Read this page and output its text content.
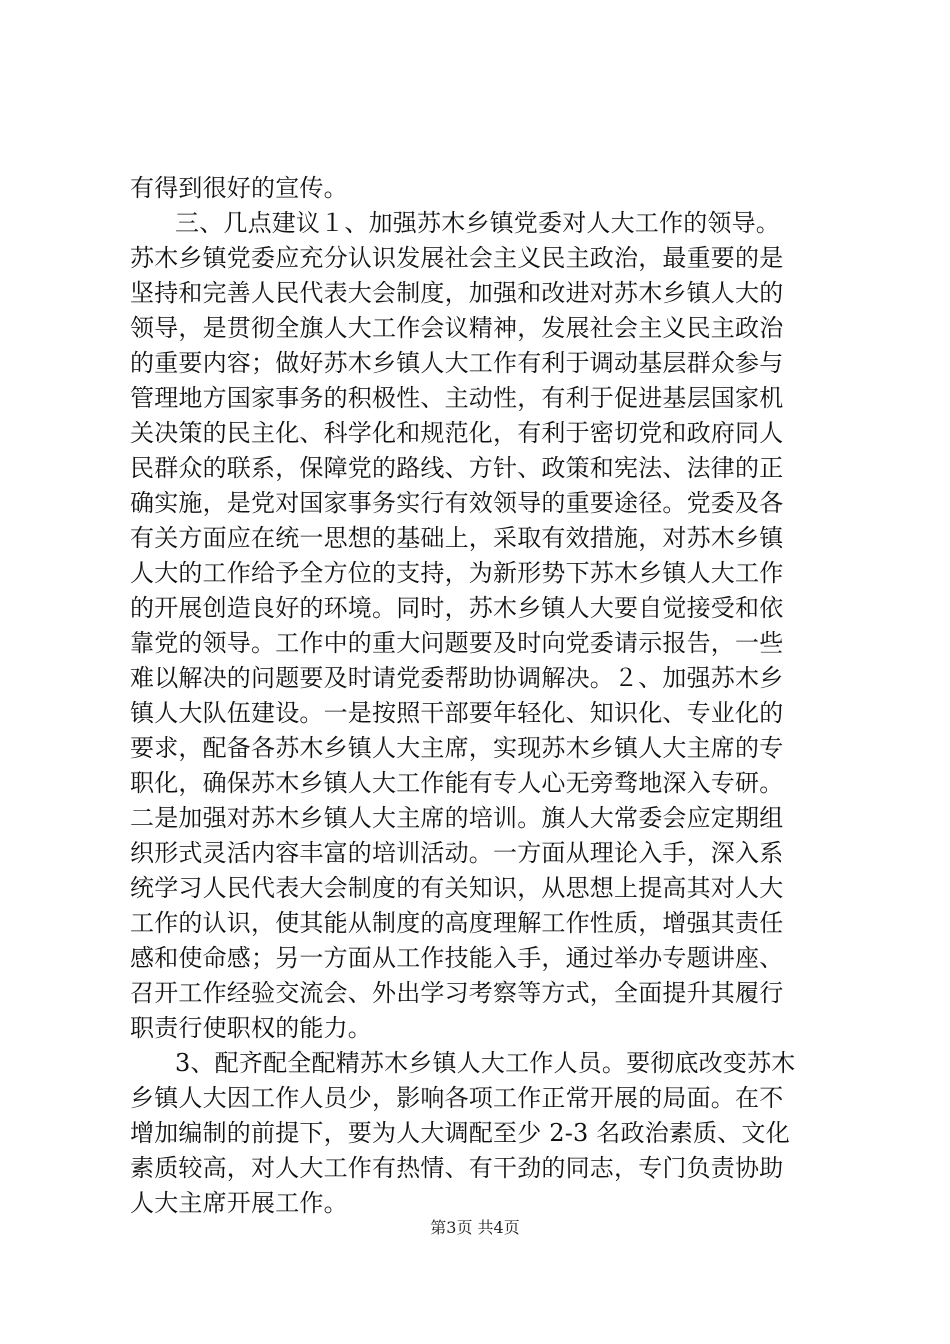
有得到很好的宣传。
三、几点建议１、加强苏木乡镇党委对人大工作的领导。
苏木乡镇党委应充分认识发展社会主义民主政治，最重要的是
坚持和完善人民代表大会制度，加强和改进对苏木乡镇人大的
领导，是贯彻全旗人大工作会议精神，发展社会主义民主政治
的重要内容；做好苏木乡镇人大工作有利于调动基层群众参与
管理地方国家事务的积极性、主动性，有利于促进基层国家机
关决策的民主化、科学化和规范化，有利于密切党和政府同人
民群众的联系，保障党的路线、方针、政策和宪法、法律的正
确实施，是党对国家事务实行有效领导的重要途径。党委及各
有关方面应在统一思想的基础上，采取有效措施，对苏木乡镇
人大的工作给予全方位的支持，为新形势下苏木乡镇人大工作
的开展创造良好的环境。同时，苏木乡镇人大要自觉接受和依
靠党的领导。工作中的重大问题要及时向党委请示报告，一些
难以解决的问题要及时请党委帮助协调解决。２、加强苏木乡
镇人大队伍建设。一是按照干部要年轻化、知识化、专业化的
要求，配备各苏木乡镇人大主席，实现苏木乡镇人大主席的专
职化，确保苏木乡镇人大工作能有专人心无旁骛地深入专研。
二是加强对苏木乡镇人大主席的培训。旗人大常委会应定期组
织形式灵活内容丰富的培训活动。一方面从理论入手，深入系
统学习人民代表大会制度的有关知识，从思想上提高其对人大
工作的认识，使其能从制度的高度理解工作性质，增强其责任
感和使命感；另一方面从工作技能入手，通过举办专题讲座、
召开工作经验交流会、外出学习考察等方式，全面提升其履行
职责行使职权的能力。
3、配齐配全配精苏木乡镇人大工作人员。要彻底改变苏木
乡镇人大因工作人员少，影响各项工作正常开展的局面。在不
增加编制的前提下，要为人大调配至少 2-3 名政治素质、文化
素质较高，对人大工作有热情、有干劲的同志，专门负责协助
人大主席开展工作。
第3页 共4页
